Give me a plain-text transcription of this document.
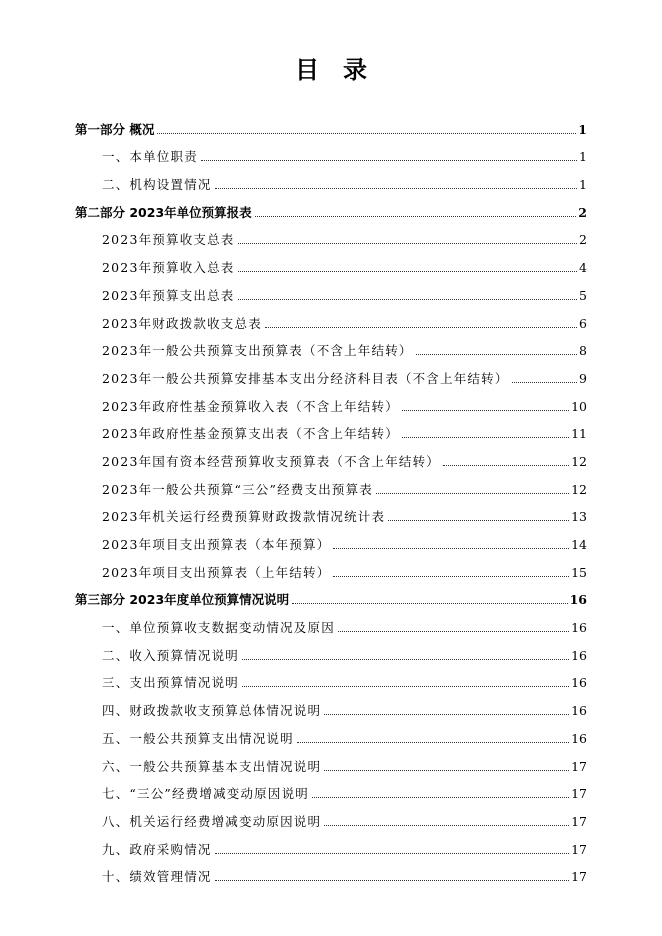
目 录
第一部分 概况	1
一、本单位职责	1
二、机构设置情况	1
第二部分 2023年单位预算报表	2
2023年预算收支总表	2
2023年预算收入总表	4
2023年预算支出总表	5
2023年财政拨款收支总表	6
2023年一般公共预算支出预算表（不含上年结转）	8
2023年一般公共预算安排基本支出分经济科目表（不含上年结转）	9
2023年政府性基金预算收入表（不含上年结转）	10
2023年政府性基金预算支出表（不含上年结转）	11
2023年国有资本经营预算收支预算表（不含上年结转）	12
2023年一般公共预算“三公”经费支出预算表	12
2023年机关运行经费预算财政拨款情况统计表	13
2023年项目支出预算表（本年预算）	14
2023年项目支出预算表（上年结转）	15
第三部分 2023年度单位预算情况说明	16
一、单位预算收支数据变动情况及原因	16
二、收入预算情况说明	16
三、支出预算情况说明	16
四、财政拨款收支预算总体情况说明	16
五、一般公共预算支出情况说明	16
六、一般公共预算基本支出情况说明	17
七、“三公”经费增减变动原因说明	17
八、机关运行经费增减变动原因说明	17
九、政府采购情况	17
十、绩效管理情况	17
